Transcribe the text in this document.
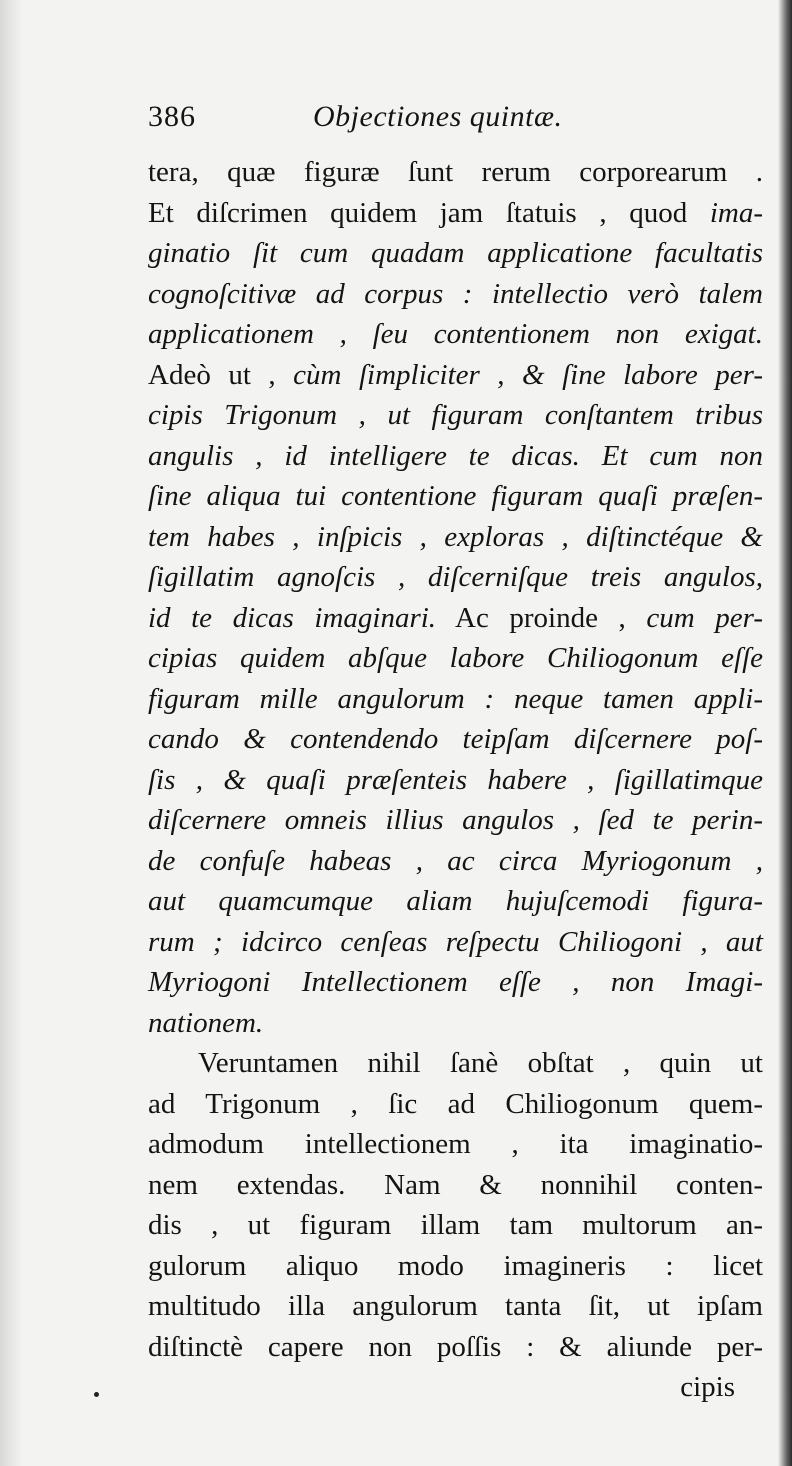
386	Objectiones quintæ.
tera, quæ figuræ ſunt rerum corporearum .
Et diſcrimen quidem jam ſtatuis , quod ima-
ginatio ſit cum quadam applicatione facultatis
cognoſcitivæ ad corpus : intellectio verò talem
applicationem , ſeu contentionem non exigat.
Adeò ut , cùm ſimpliciter , & ſine labore per-
cipis Trigonum , ut figuram conſtantem tribus
angulis , id intelligere te dicas. Et cum non
ſine aliqua tui contentione figuram quaſi præſen-
tem habes , inſpicis , exploras , diſtinctéque &
ſigillatim agnoſcis , diſcerniſque treis angulos,
id te dicas imaginari. Ac proinde , cum per-
cipias quidem abſque labore Chiliogonum eſſe
figuram mille angulorum : neque tamen appli-
cando & contendendo teipſam diſcernere poſ-
ſis , & quaſi præſenteis habere , ſigillatimque
diſcernere omneis illius angulos , ſed te perin-
de confuſe habeas , ac circa Myriogonum ,
aut quamcumque aliam hujuſcemodi figura-
rum ; idcirco cenſeas reſpectu Chiliogoni , aut
Myriogoni Intellectionem eſſe , non Imagi-
nationem.
Veruntamen nihil ſanè obſtat , quin ut
ad Trigonum , ſic ad Chiliogonum quem-
admodum intellectionem , ita imaginatio-
nem extendas. Nam & nonnihil conten-
dis , ut figuram illam tam multorum an-
gulorum aliquo modo imagineris : licet
multitudo illa angulorum tanta ſit, ut ipſam
diſtinctè capere non poſſis : & aliunde per-
cipis
